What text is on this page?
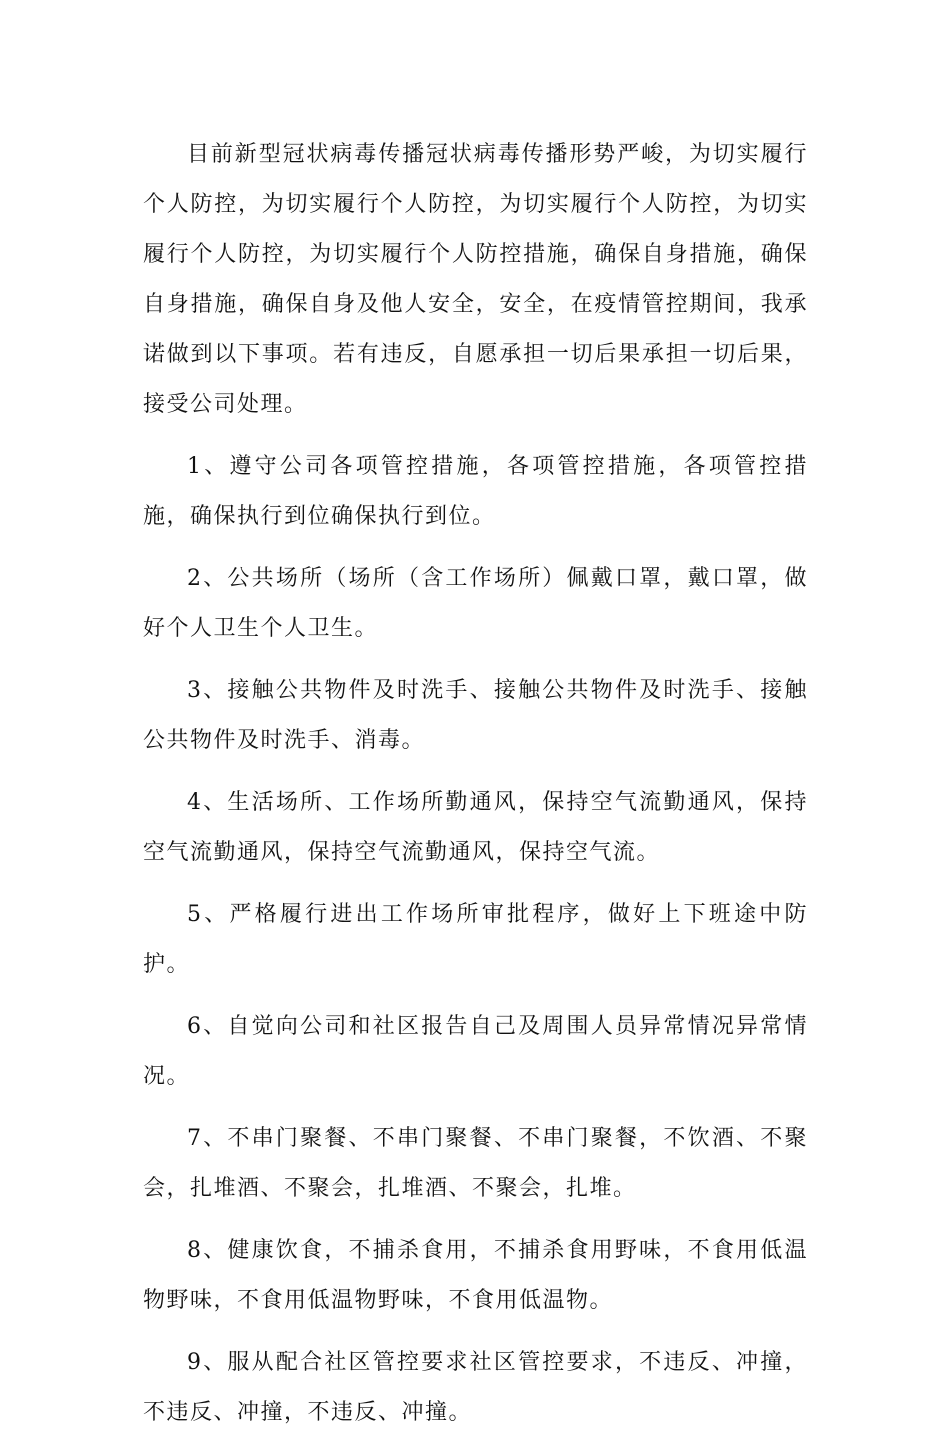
目前新型冠状病毒传播冠状病毒传播形势严峻，为切实履行个人防控，为切实履行个人防控，为切实履行个人防控，为切实履行个人防控，为切实履行个人防控措施，确保自身措施，确保自身措施，确保自身及他人安全，安全，在疫情管控期间，我承诺做到以下事项。若有违反，自愿承担一切后果承担一切后果，接受公司处理。

1、遵守公司各项管控措施，各项管控措施，各项管控措施，确保执行到位确保执行到位。

2、公共场所（场所（含工作场所）佩戴口罩，戴口罩，做好个人卫生个人卫生。

3、接触公共物件及时洗手、接触公共物件及时洗手、接触公共物件及时洗手、消毒。

4、生活场所、工作场所勤通风，保持空气流勤通风，保持空气流勤通风，保持空气流勤通风，保持空气流。

5、严格履行进出工作场所审批程序，做好上下班途中防护。

6、自觉向公司和社区报告自己及周围人员异常情况异常情况。

7、不串门聚餐、不串门聚餐、不串门聚餐，不饮酒、不聚会，扎堆酒、不聚会，扎堆酒、不聚会，扎堆。

8、健康饮食，不捕杀食用，不捕杀食用野味，不食用低温物野味，不食用低温物野味，不食用低温物。

9、服从配合社区管控要求社区管控要求，不违反、冲撞，不违反、冲撞，不违反、冲撞。
